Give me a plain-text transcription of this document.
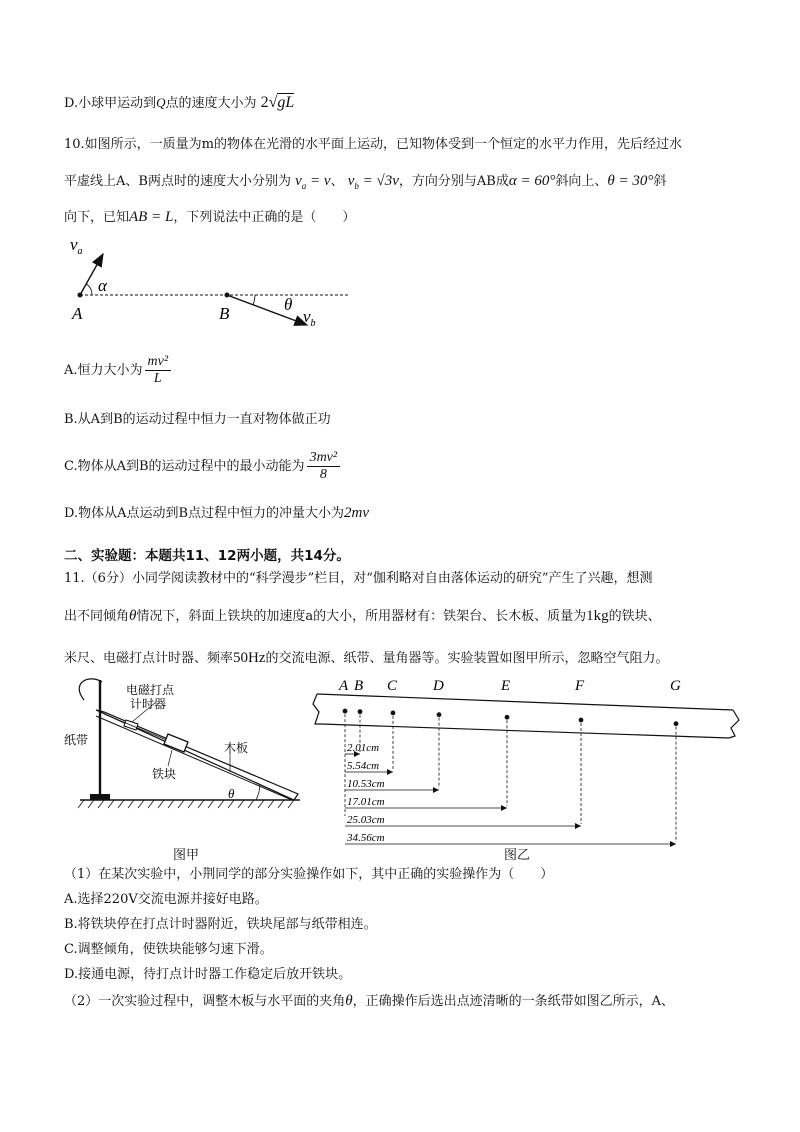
D.小球甲运动到Q点的速度大小为 2√gL
10.如图所示，一质量为m的物体在光滑的水平面上运动，已知物体受到一个恒定的水平力作用，先后经过水
平虚线上A、B两点时的速度大小分别为 $v_a = v$、 $v_b = √3v$，方向分别与AB成α = 60°斜向上、θ = 30°斜
向下，已知AB = L，下列说法中正确的是（　　）
$v_a$
α
A	B	θ
$v_b$
A.恒力大小为 $\frac{\text{mv²}}{L}$
B.从A到B的运动过程中恒力一直对物体做正功
C.物体从A到B的运动过程中的最小动能为 $\frac{\text{3mv²}}{8}$
D.物体从A点运动到B点过程中恒力的冲量大小为2mv
二、实验题：本题共11、12两小题，共14分。
11.（6分）小同学阅读教材中的“科学漫步”栏目，对“伽利略对自由落体运动的研究”产生了兴趣，想测
出不同倾角θ情况下，斜面上铁块的加速度a的大小，所用器材有：铁架台、长木板、质量为1kg的铁块、
米尺、电磁打点计时器、频率50Hz的交流电源、纸带、量角器等。实验装置如图甲所示，忽略空气阻力。
电磁打点
计时器
纸带
木板
铁块
θ
A B C D	E	F	G
2.01cm
5.54cm
10.53cm
17.01cm
25.03cm
34.56cm
图甲	图乙
（1）在某次实验中，小荆同学的部分实验操作如下，其中正确的实验操作为（　　）
A.选择220V交流电源并接好电路。
B.将铁块停在打点计时器附近，铁块尾部与纸带相连。
C.调整倾角，使铁块能够匀速下滑。
D.接通电源，待打点计时器工作稳定后放开铁块。
（2）一次实验过程中，调整木板与水平面的夹角θ，正确操作后选出点迹清晰的一条纸带如图乙所示，A、
